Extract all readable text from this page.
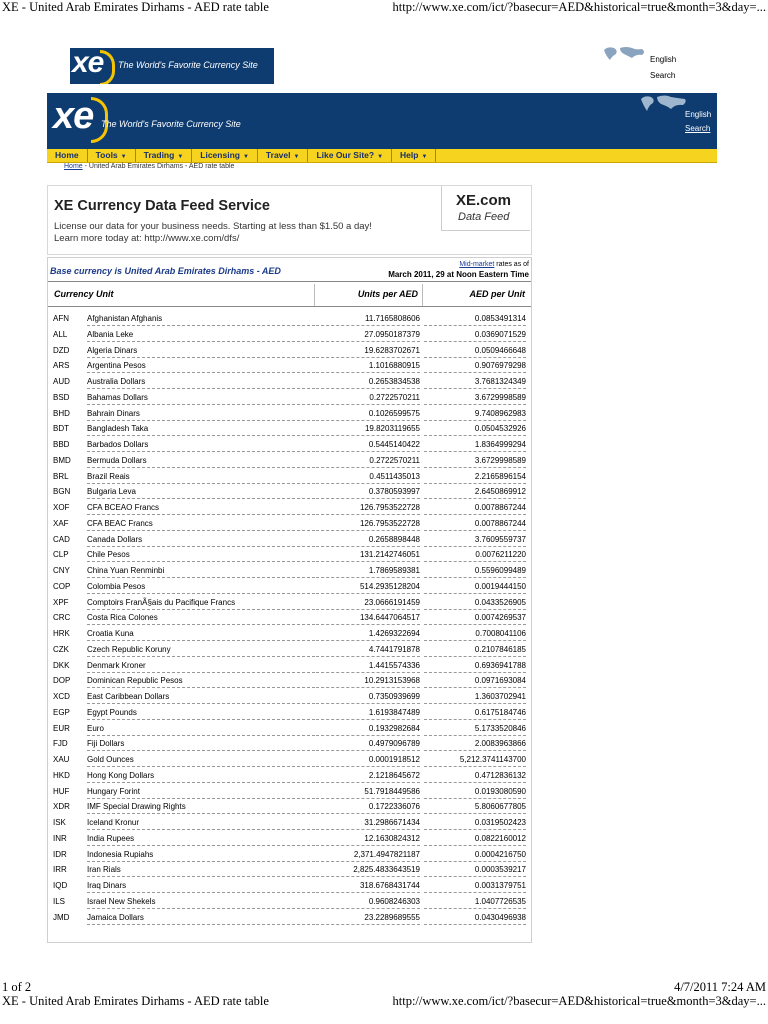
XE - United Arab Emirates Dirhams - AED rate table	http://www.xe.com/ict/?basecur=AED&historical=true&month=3&day=...
xe The World's Favorite Currency Site
English
Search
xe The World's Favorite Currency Site
English
Search
Home	Tools ▼	Trading ▼	Licensing ▼	Travel ▼	Like Our Site? ▼	Help ▼
Home - United Arab Emirates Dirhams - AED rate table
XE Currency Data Feed Service
License our data for your business needs. Starting at less than $1.50 a day!
Learn more today at: http://www.xe.com/dfs/
XE.com
Data Feed
Base currency is United Arab Emirates Dirhams - AED
Mid-market rates as of
March 2011, 29 at Noon Eastern Time
Currency Unit	Units per AED	AED per Unit
AFN Afghanistan Afghanis	11.7165808606	0.0853491314
ALL Albania Leke	27.0950187379	0.0369071529
DZD Algeria Dinars	19.6283702671	0.0509466648
ARS Argentina Pesos	1.1016880915	0.9076979298
AUD Australia Dollars	0.2653834538	3.7681324349
BSD Bahamas Dollars	0.2722570211	3.6729998589
BHD Bahrain Dinars	0.1026599575	9.7408962983
BDT Bangladesh Taka	19.8203119655	0.0504532926
BBD Barbados Dollars	0.5445140422	1.8364999294
BMD Bermuda Dollars	0.2722570211	3.6729998589
BRL Brazil Reais	0.4511435013	2.2165896154
BGN Bulgaria Leva	0.3780593997	2.6450869912
XOF CFA BCEAO Francs	126.7953522728	0.0078867244
XAF CFA BEAC Francs	126.7953522728	0.0078867244
CAD Canada Dollars	0.2658898448	3.7609559737
CLP Chile Pesos	131.2142746051	0.0076211220
CNY China Yuan Renminbi	1.7869589381	0.5596099489
COP Colombia Pesos	514.2935128204	0.0019444150
XPF Comptoirs FranÃ§ais du Pacifique Francs	23.0666191459	0.0433526905
CRC Costa Rica Colones	134.6447064517	0.0074269537
HRK Croatia Kuna	1.4269322694	0.7008041106
CZK Czech Republic Koruny	4.7441791878	0.2107846185
DKK Denmark Kroner	1.4415574336	0.6936941788
DOP Dominican Republic Pesos	10.2913153968	0.0971693084
XCD East Caribbean Dollars	0.7350939699	1.3603702941
EGP Egypt Pounds	1.6193847489	0.6175184746
EUR Euro	0.1932982684	5.1733520846
FJD Fiji Dollars	0.4979096789	2.0083963866
XAU Gold Ounces	0.0001918512	5,212.3741143700
HKD Hong Kong Dollars	2.1218645672	0.4712836132
HUF Hungary Forint	51.7918449586	0.0193080590
XDR IMF Special Drawing Rights	0.1722336076	5.8060677805
ISK	Iceland Kronur	31.2986671434	0.0319502423
INR	India Rupees	12.1630824312	0.0822160012
IDR	Indonesia Rupiahs	2,371.4947821187	0.0004216750
IRR	Iran Rials	2,825.4833643519	0.0003539217
IQD Iraq Dinars	318.6768431744	0.0031379751
ILS	Israel New Shekels	0.9608246303	1.0407726535
JMD Jamaica Dollars	23.2289689555	0.0430496938
1 of 2	4/7/2011 7:24 AM
XE - United Arab Emirates Dirhams - AED rate table	http://www.xe.com/ict/?basecur=AED&historical=true&month=3&day=...
